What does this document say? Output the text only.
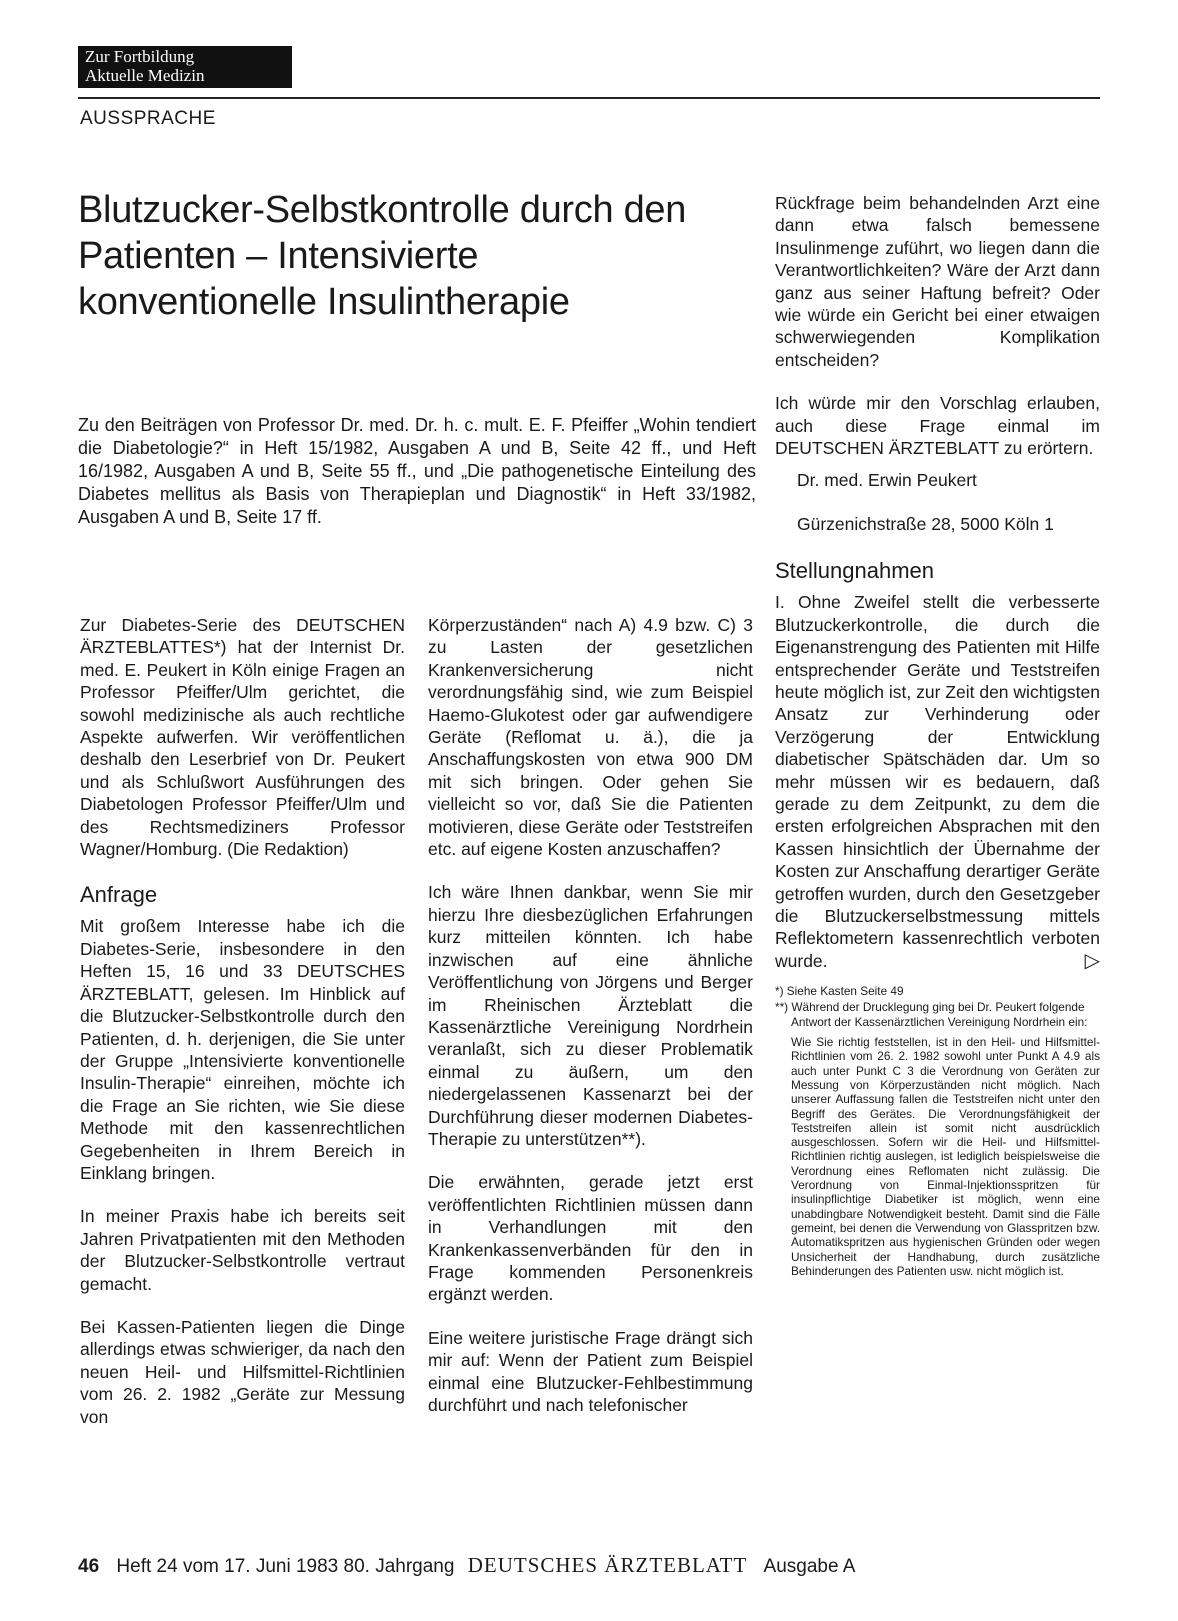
Zur Fortbildung
Aktuelle Medizin
AUSSPRACHE
Blutzucker-Selbstkontrolle durch den Patienten – Intensivierte konventionelle Insulintherapie
Zu den Beiträgen von Professor Dr. med. Dr. h. c. mult. E. F. Pfeiffer „Wohin tendiert die Diabetologie?“ in Heft 15/1982, Ausgaben A und B, Seite 42 ff., und Heft 16/1982, Ausgaben A und B, Seite 55 ff., und „Die pathogenetische Einteilung des Diabetes mellitus als Basis von Therapieplan und Diagnostik“ in Heft 33/1982, Ausgaben A und B, Seite 17 ff.

Zur Diabetes-Serie des DEUTSCHEN ÄRZTEBLATTES*) hat der Internist Dr. med. E. Peukert in Köln einige Fragen an Professor Pfeiffer/Ulm gerichtet, die sowohl medizinische als auch rechtliche Aspekte aufwerfen. Wir veröffentlichen deshalb den Leserbrief von Dr. Peukert und als Schlußwort Ausführungen des Diabetologen Professor Pfeiffer/Ulm und des Rechtsmediziners Professor Wagner/Homburg. (Die Redaktion)

Anfrage

Mit großem Interesse habe ich die Diabetes-Serie, insbesondere in den Heften 15, 16 und 33 DEUTSCHES ÄRZTEBLATT, gelesen. Im Hinblick auf die Blutzucker-Selbstkontrolle durch den Patienten, d. h. derjenigen, die Sie unter der Gruppe „Intensivierte konventionelle Insulin-Therapie“ einreihen, möchte ich die Frage an Sie richten, wie Sie diese Methode mit den kassenrechtlichen Gegebenheiten in Ihrem Bereich in Einklang bringen.

In meiner Praxis habe ich bereits seit Jahren Privatpatienten mit den Methoden der Blutzucker-Selbstkontrolle vertraut gemacht.

Bei Kassen-Patienten liegen die Dinge allerdings etwas schwieriger, da nach den neuen Heil- und Hilfsmittel-Richtlinien vom 26. 2. 1982 „Geräte zur Messung von

Körperzuständen“ nach A) 4.9 bzw. C) 3 zu Lasten der gesetzlichen Krankenversicherung nicht verordnungsfähig sind, wie zum Beispiel Haemo-Glukotest oder gar aufwendigere Geräte (Reflomat u. ä.), die ja Anschaffungskosten von etwa 900 DM mit sich bringen. Oder gehen Sie vielleicht so vor, daß Sie die Patienten motivieren, diese Geräte oder Teststreifen etc. auf eigene Kosten anzuschaffen?

Ich wäre Ihnen dankbar, wenn Sie mir hierzu Ihre diesbezüglichen Erfahrungen kurz mitteilen könnten. Ich habe inzwischen auf eine ähnliche Veröffentlichung von Jörgens und Berger im Rheinischen Ärzteblatt die Kassenärztliche Vereinigung Nordrhein veranlaßt, sich zu dieser Problematik einmal zu äußern, um den niedergelassenen Kassenarzt bei der Durchführung dieser modernen Diabetes-Therapie zu unterstützen**).

Die erwähnten, gerade jetzt erst veröffentlichten Richtlinien müssen dann in Verhandlungen mit den Krankenkassenverbänden für den in Frage kommenden Personenkreis ergänzt werden.

Eine weitere juristische Frage drängt sich mir auf: Wenn der Patient zum Beispiel einmal eine Blutzucker-Fehlbestimmung durchführt und nach telefonischer

Rückfrage beim behandelnden Arzt eine dann etwa falsch bemessene Insulinmenge zuführt, wo liegen dann die Verantwortlichkeiten? Wäre der Arzt dann ganz aus seiner Haftung befreit? Oder wie würde ein Gericht bei einer etwaigen schwerwiegenden Komplikation entscheiden?

Ich würde mir den Vorschlag erlauben, auch diese Frage einmal im DEUTSCHEN ÄRZTEBLATT zu erörtern.

Dr. med. Erwin Peukert

Gürzenichstraße 28, 5000 Köln 1

Stellungnahmen

I. Ohne Zweifel stellt die verbesserte Blutzuckerkontrolle, die durch die Eigenanstrengung des Patienten mit Hilfe entsprechender Geräte und Teststreifen heute möglich ist, zur Zeit den wichtigsten Ansatz zur Verhinderung oder Verzögerung der Entwicklung diabetischer Spätschäden dar. Um so mehr müssen wir es bedauern, daß gerade zu dem Zeitpunkt, zu dem die ersten erfolgreichen Absprachen mit den Kassen hinsichtlich der Übernahme der Kosten zur Anschaffung derartiger Geräte getroffen wurden, durch den Gesetzgeber die Blutzuckerselbstmessung mittels Reflektometern kassenrechtlich verboten wurde.	▷

*) Siehe Kasten Seite 49

**) Während der Drucklegung ging bei Dr. Peukert folgende Antwort der Kassenärztlichen Vereinigung Nordrhein ein:

Wie Sie richtig feststellen, ist in den Heil- und Hilfsmittel-Richtlinien vom 26. 2. 1982 sowohl unter Punkt A 4.9 als auch unter Punkt C 3 die Verordnung von Geräten zur Messung von Körperzuständen nicht möglich. Nach unserer Auffassung fallen die Teststreifen nicht unter den Begriff des Gerätes. Die Verordnungsfähigkeit der Teststreifen allein ist somit nicht ausdrücklich ausgeschlossen. Sofern wir die Heil- und Hilfsmittel-Richtlinien richtig auslegen, ist lediglich beispielsweise die Verordnung eines Reflomaten nicht zulässig. Die Verordnung von Einmal-Injektionsspritzen für insulinpflichtige Diabetiker ist möglich, wenn eine unabdingbare Notwendigkeit besteht. Damit sind die Fälle gemeint, bei denen die Verwendung von Glasspritzen bzw. Automatikspritzen aus hygienischen Gründen oder wegen Unsicherheit der Handhabung, durch zusätzliche Behinderungen des Patienten usw. nicht möglich ist.

46 Heft 24 vom 17. Juni 1983 80. Jahrgang DEUTSCHES ÄRZTEBLATT Ausgabe A
